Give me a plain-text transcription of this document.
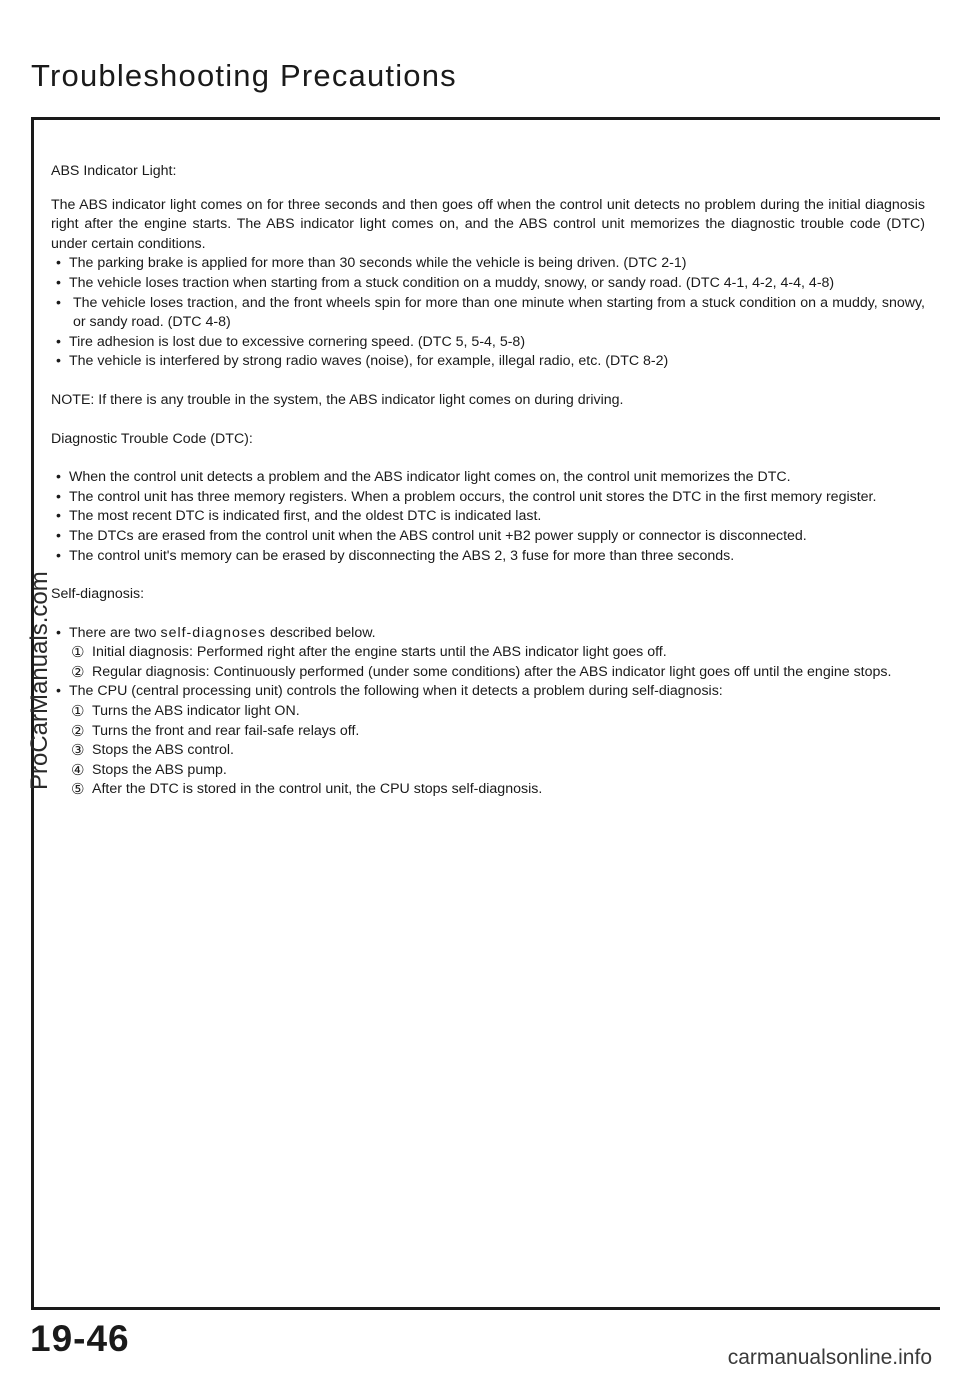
Troubleshooting Precautions

ABS Indicator Light:

The ABS indicator light comes on for three seconds and then goes off when the control unit detects no problem during the initial diagnosis right after the engine starts. The ABS indicator light comes on, and the ABS control unit memorizes the diagnostic trouble code (DTC) under certain conditions.

• The parking brake is applied for more than 30 seconds while the vehicle is being driven. (DTC 2-1)

• The vehicle loses traction when starting from a stuck condition on a muddy, snowy, or sandy road. (DTC 4-1, 4-2, 4-4, 4-8)

• The vehicle loses traction, and the front wheels spin for more than one minute when starting from a stuck condition on a muddy, snowy, or sandy road. (DTC 4-8)

• Tire adhesion is lost due to excessive cornering speed. (DTC 5, 5-4, 5-8)

• The vehicle is interfered by strong radio waves (noise), for example, illegal radio, etc. (DTC 8-2)

NOTE: If there is any trouble in the system, the ABS indicator light comes on during driving.

Diagnostic Trouble Code (DTC):

• When the control unit detects a problem and the ABS indicator light comes on, the control unit memorizes the DTC.

• The control unit has three memory registers. When a problem occurs, the control unit stores the DTC in the first memory register.

• The most recent DTC is indicated first, and the oldest DTC is indicated last.

• The DTCs are erased from the control unit when the ABS control unit +B2 power supply or connector is disconnected.

• The control unit's memory can be erased by disconnecting the ABS 2, 3 fuse for more than three seconds.

Self-diagnosis:

• There are two self-diagnoses described below.

① Initial diagnosis: Performed right after the engine starts until the ABS indicator light goes off.

② Regular diagnosis: Continuously performed (under some conditions) after the ABS indicator light goes off until the engine stops.

• The CPU (central processing unit) controls the following when it detects a problem during self-diagnosis:

① Turns the ABS indicator light ON.

② Turns the front and rear fail-safe relays off.

③ Stops the ABS control.

④ Stops the ABS pump.

⑤ After the DTC is stored in the control unit, the CPU stops self-diagnosis.

ProCarManuals.com
19-46	carmanualsonline.info
